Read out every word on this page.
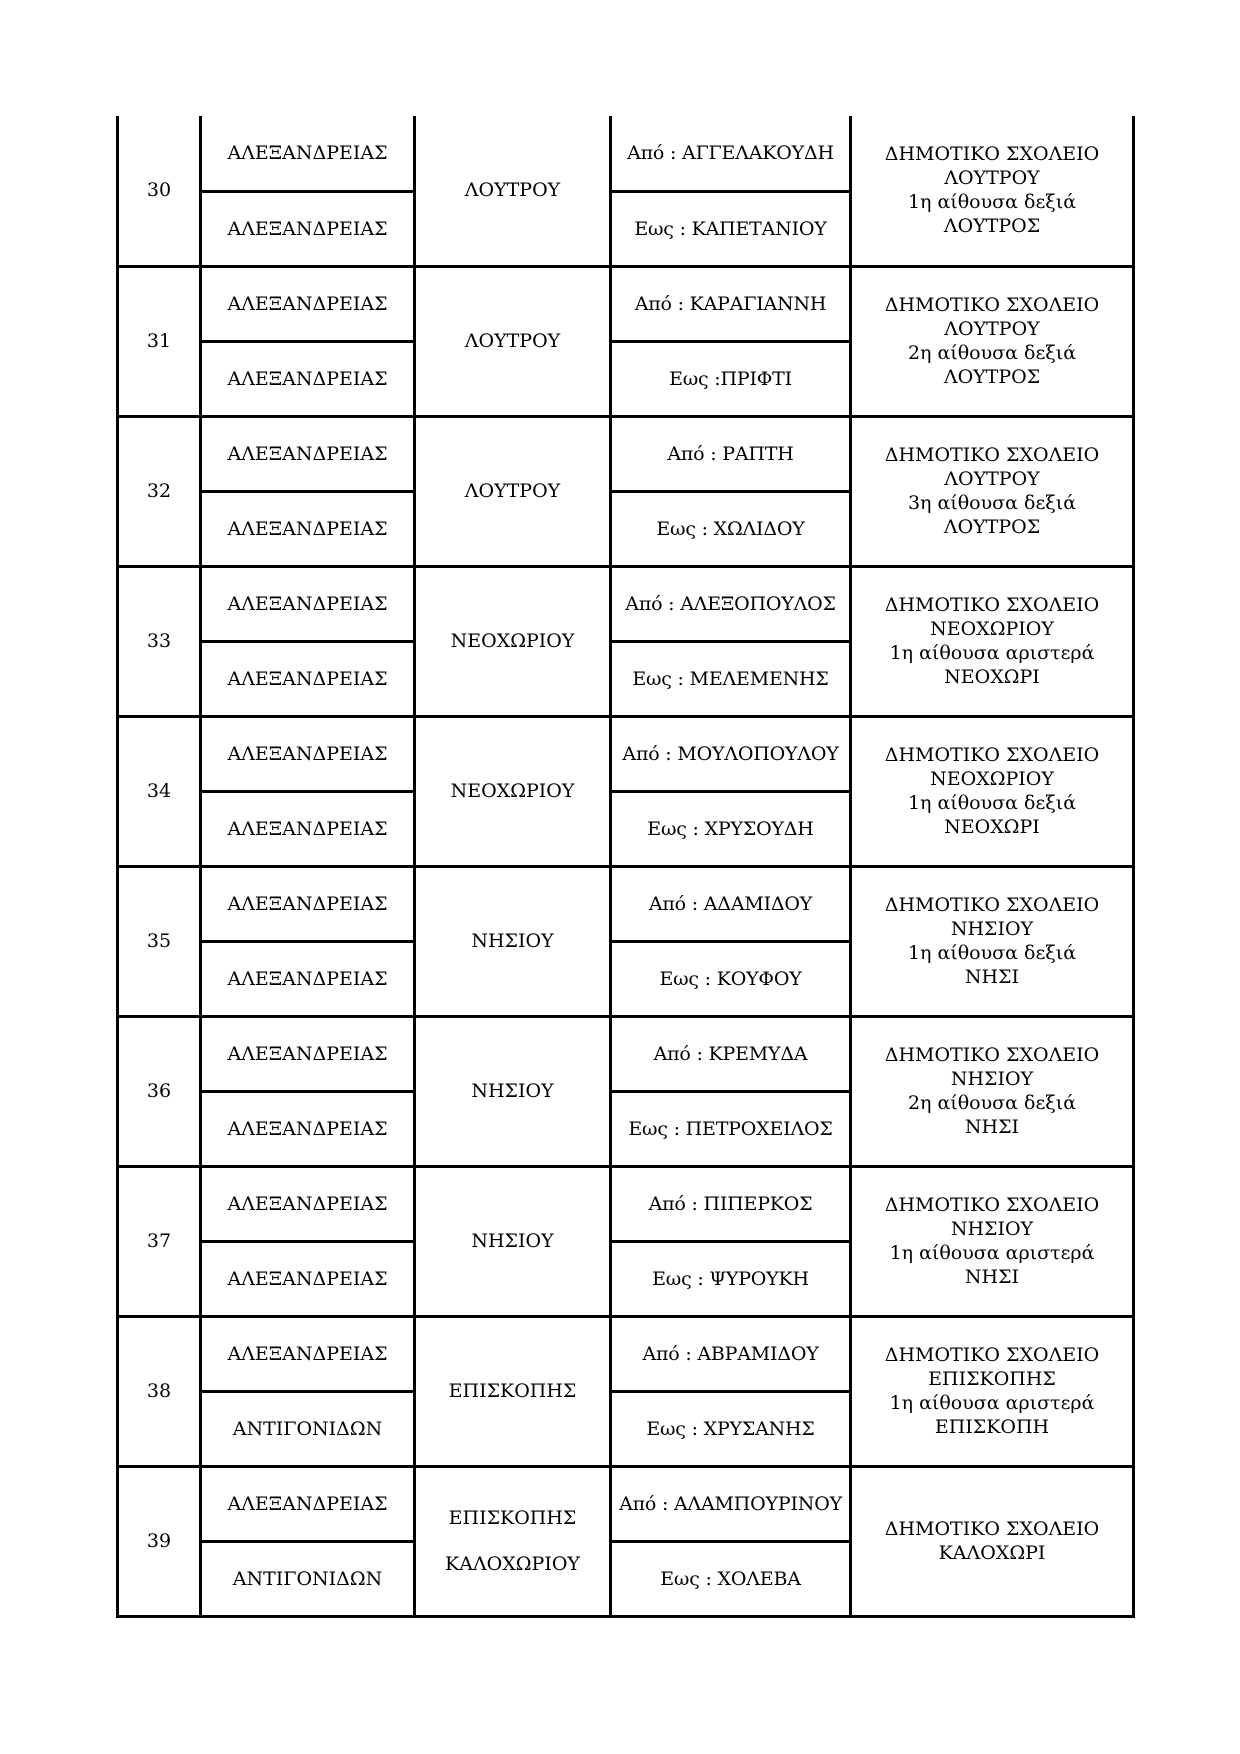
30	ΑΛΕΞΑΝΔΡΕΙΑΣ	ΛΟΥΤΡΟΥ	Από : ΑΓΓΕΛΑΚΟΥΔΗ	ΔΗΜΟΤΙΚΟ ΣΧΟΛΕΙΟ
ΛΟΥΤΡΟΥ
1η αίθουσα δεξιά
ΛΟΥΤΡΟΣ

	ΑΛΕΞΑΝΔΡΕΙΑΣ		Εως : ΚΑΠΕΤΑΝΙΟΥ	
31	ΑΛΕΞΑΝΔΡΕΙΑΣ	ΛΟΥΤΡΟΥ	Από : ΚΑΡΑΓΙΑΝΝΗ	ΔΗΜΟΤΙΚΟ ΣΧΟΛΕΙΟ
ΛΟΥΤΡΟΥ
2η αίθουσα δεξιά
ΛΟΥΤΡΟΣ

	ΑΛΕΞΑΝΔΡΕΙΑΣ		Εως :ΠΡΙΦΤΙ	
32	ΑΛΕΞΑΝΔΡΕΙΑΣ	ΛΟΥΤΡΟΥ	Από : ΡΑΠΤΗ	ΔΗΜΟΤΙΚΟ ΣΧΟΛΕΙΟ
ΛΟΥΤΡΟΥ
3η αίθουσα δεξιά
ΛΟΥΤΡΟΣ

	ΑΛΕΞΑΝΔΡΕΙΑΣ		Εως : ΧΩΛΙΔΟΥ	
33	ΑΛΕΞΑΝΔΡΕΙΑΣ	ΝΕΟΧΩΡΙΟΥ	Από : ΑΛΕΞΟΠΟΥΛΟΣ	ΔΗΜΟΤΙΚΟ ΣΧΟΛΕΙΟ
ΝΕΟΧΩΡΙΟΥ
1η αίθουσα αριστερά
ΝΕΟΧΩΡΙ

	ΑΛΕΞΑΝΔΡΕΙΑΣ		Εως : ΜΕΛΕΜΕΝΗΣ	
34	ΑΛΕΞΑΝΔΡΕΙΑΣ	ΝΕΟΧΩΡΙΟΥ	Από : ΜΟΥΛΟΠΟΥΛΟΥ	ΔΗΜΟΤΙΚΟ ΣΧΟΛΕΙΟ
ΝΕΟΧΩΡΙΟΥ
1η αίθουσα δεξιά
ΝΕΟΧΩΡΙ

	ΑΛΕΞΑΝΔΡΕΙΑΣ		Εως : ΧΡΥΣΟΥΔΗ	
35	ΑΛΕΞΑΝΔΡΕΙΑΣ	ΝΗΣΙΟΥ	Από : ΑΔΑΜΙΔΟΥ	ΔΗΜΟΤΙΚΟ ΣΧΟΛΕΙΟ
ΝΗΣΙΟΥ
1η αίθουσα δεξιά
ΝΗΣΙ

	ΑΛΕΞΑΝΔΡΕΙΑΣ		Εως : ΚΟΥΦΟΥ	
36	ΑΛΕΞΑΝΔΡΕΙΑΣ	ΝΗΣΙΟΥ	Από : ΚΡΕΜΥΔΑ	ΔΗΜΟΤΙΚΟ ΣΧΟΛΕΙΟ
ΝΗΣΙΟΥ
2η αίθουσα δεξιά
ΝΗΣΙ

	ΑΛΕΞΑΝΔΡΕΙΑΣ		Εως : ΠΕΤΡΟΧΕΙΛΟΣ	
37	ΑΛΕΞΑΝΔΡΕΙΑΣ	ΝΗΣΙΟΥ	Από : ΠΙΠΕΡΚΟΣ	ΔΗΜΟΤΙΚΟ ΣΧΟΛΕΙΟ
ΝΗΣΙΟΥ
1η αίθουσα αριστερά
ΝΗΣΙ

	ΑΛΕΞΑΝΔΡΕΙΑΣ		Εως : ΨΥΡΟΥΚΗ	
38	ΑΛΕΞΑΝΔΡΕΙΑΣ	ΕΠΙΣΚΟΠΗΣ	Από : ΑΒΡΑΜΙΔΟΥ	ΔΗΜΟΤΙΚΟ ΣΧΟΛΕΙΟ
ΕΠΙΣΚΟΠΗΣ
1η αίθουσα αριστερά
ΕΠΙΣΚΟΠΗ

	ΑΝΤΙΓΟΝΙΔΩΝ		Εως : ΧΡΥΣΑΝΗΣ	
39	ΑΛΕΞΑΝΔΡΕΙΑΣ	ΕΠΙΣΚΟΠΗΣ
ΚΑΛΟΧΩΡΙΟΥ	Από : ΑΛΑΜΠΟΥΡΙΝΟΥ	ΔΗΜΟΤΙΚΟ ΣΧΟΛΕΙΟ
ΚΑΛΟΧΩΡΙ

	ΑΝΤΙΓΟΝΙΔΩΝ		Εως : ΧΟΛΕΒΑ	
